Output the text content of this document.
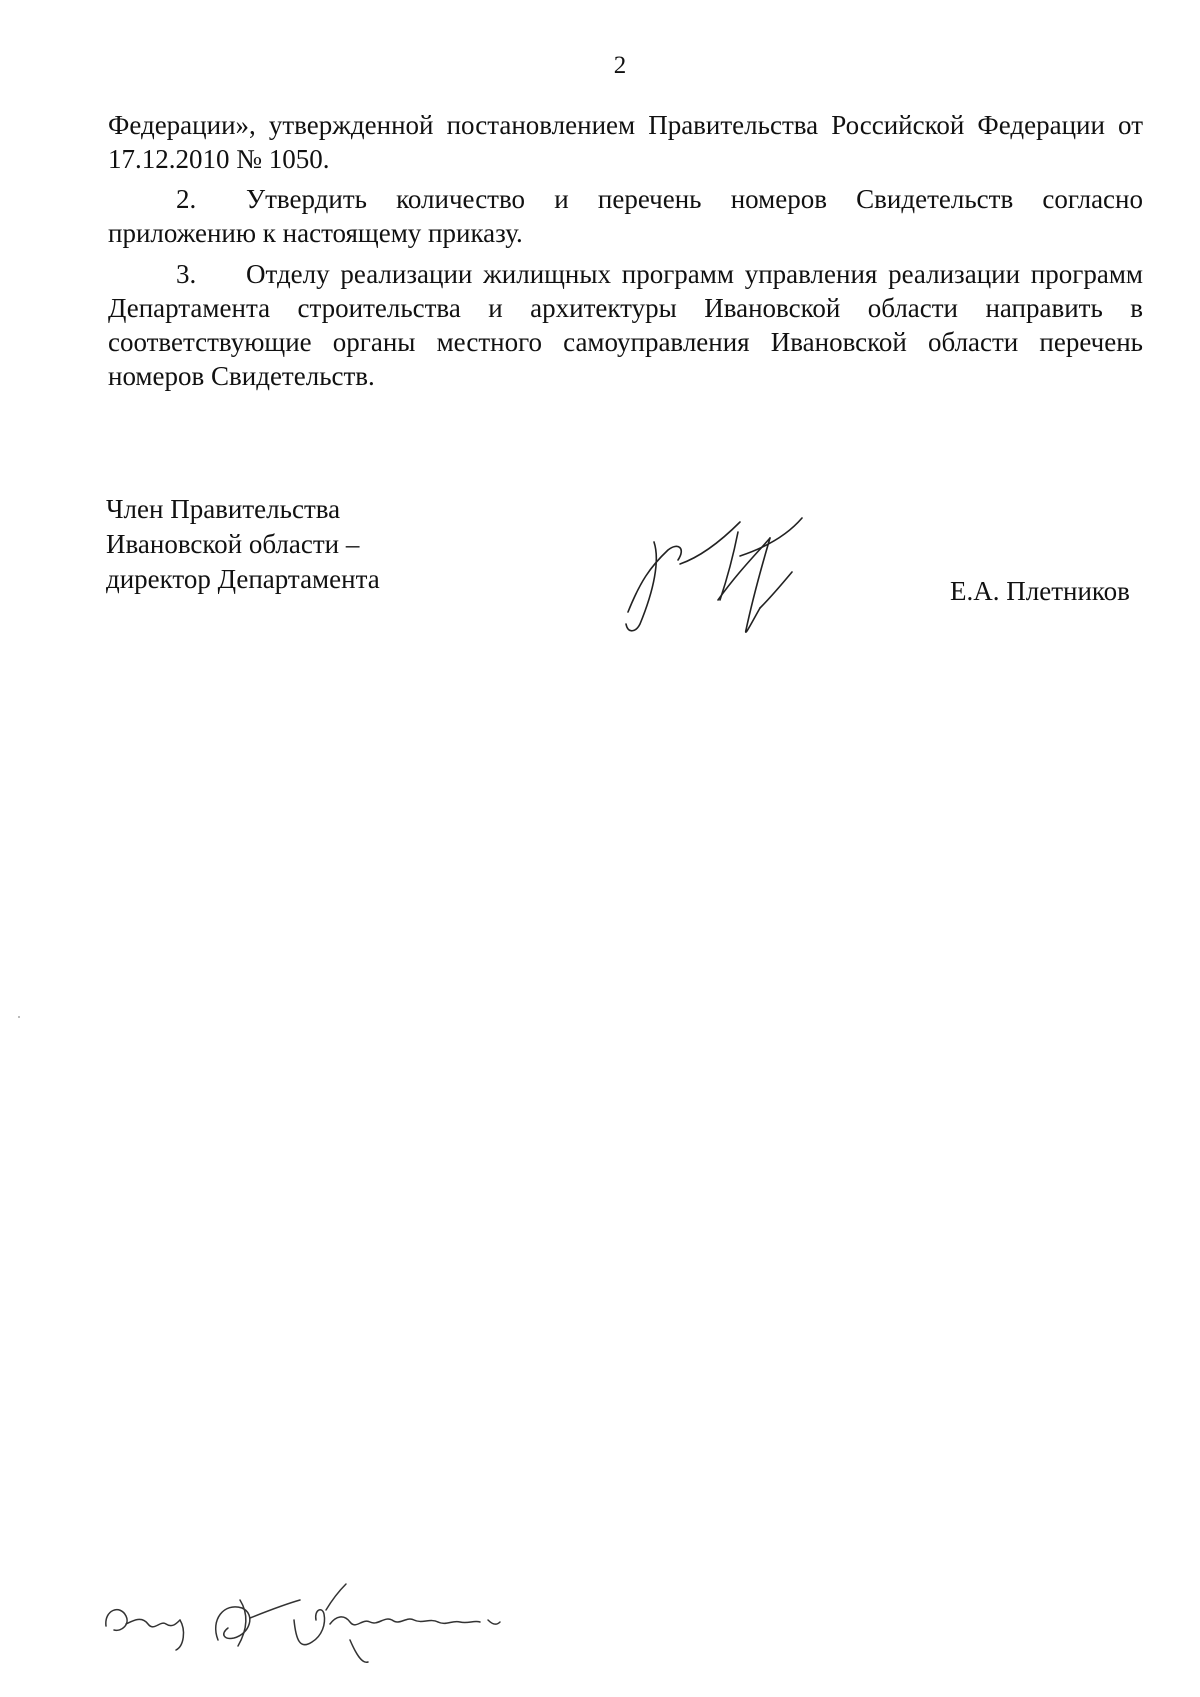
2

Федерации», утвержденной постановлением Правительства Российской Федерации от 17.12.2010 № 1050.

2. Утвердить количество и перечень номеров Свидетельств согласно приложению к настоящему приказу.

3. Отделу реализации жилищных программ управления реализации программ Департамента строительства и архитектуры Ивановской области направить в соответствующие органы местного самоуправления Ивановской области перечень номеров Свидетельств.

Член Правительства
Ивановской области –
директор Департамента	Е.А. Плетников
